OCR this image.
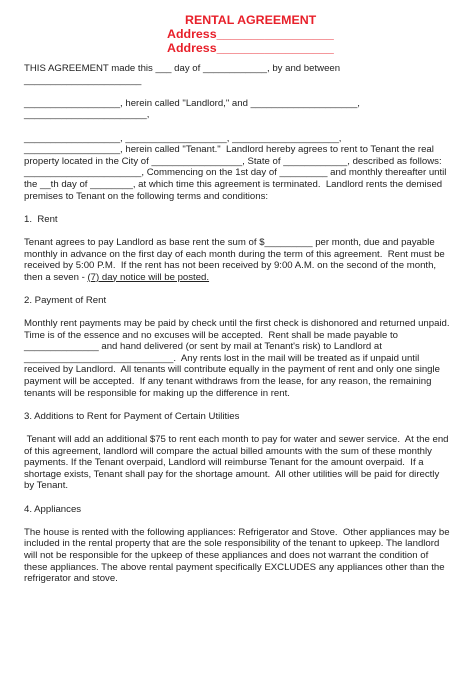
RENTAL AGREEMENT
Address_________________
Address_________________

THIS AGREEMENT made this ___ day of ____________, by and between
______________________

__________________, herein called "Landlord," and ____________________,
_______________________,

__________________, ___________________, ____________________,
__________________, herein called "Tenant."  Landlord hereby agrees to rent to Tenant the real property located in the City of _________________, State of ____________, described as follows: ______________________, Commencing on the 1st day of _________ and monthly thereafter until the __th day of ________, at which time this agreement is terminated.  Landlord rents the demised premises to Tenant on the following terms and conditions:

1.  Rent

Tenant agrees to pay Landlord as base rent the sum of $_________ per month, due and payable monthly in advance on the first day of each month during the term of this agreement.  Rent must be received by 5:00 P.M.  If the rent has not been received by 9:00 A.M. on the second of the month, then a seven - (7) day notice will be posted.

2. Payment of Rent

Monthly rent payments may be paid by check until the first check is dishonored and returned unpaid.  Time is of the essence and no excuses will be accepted.  Rent shall be made payable to ______________ and hand delivered (or sent by mail at Tenant's risk) to Landlord at ____________________________.  Any rents lost in the mail will be treated as if unpaid until received by Landlord.  All tenants will contribute equally in the payment of rent and only one single payment will be accepted.  If any tenant withdraws from the lease, for any reason, the remaining tenants will be responsible for making up the difference in rent.

3. Additions to Rent for Payment of Certain Utilities

Tenant will add an additional $75 to rent each month to pay for water and sewer service.  At the end of this agreement, landlord will compare the actual billed amounts with the sum of these monthly payments. If the Tenant overpaid, Landlord will reimburse Tenant for the amount overpaid.  If a shortage exists, Tenant shall pay for the shortage amount.  All other utilities will be paid for directly by Tenant.

4. Appliances

The house is rented with the following appliances: Refrigerator and Stove.  Other appliances may be included in the rental property that are the sole responsibility of the tenant to upkeep. The landlord will not be responsible for the upkeep of these appliances and does not warrant the condition of these appliances. The above rental payment specifically EXCLUDES any appliances other than the refrigerator and stove.
